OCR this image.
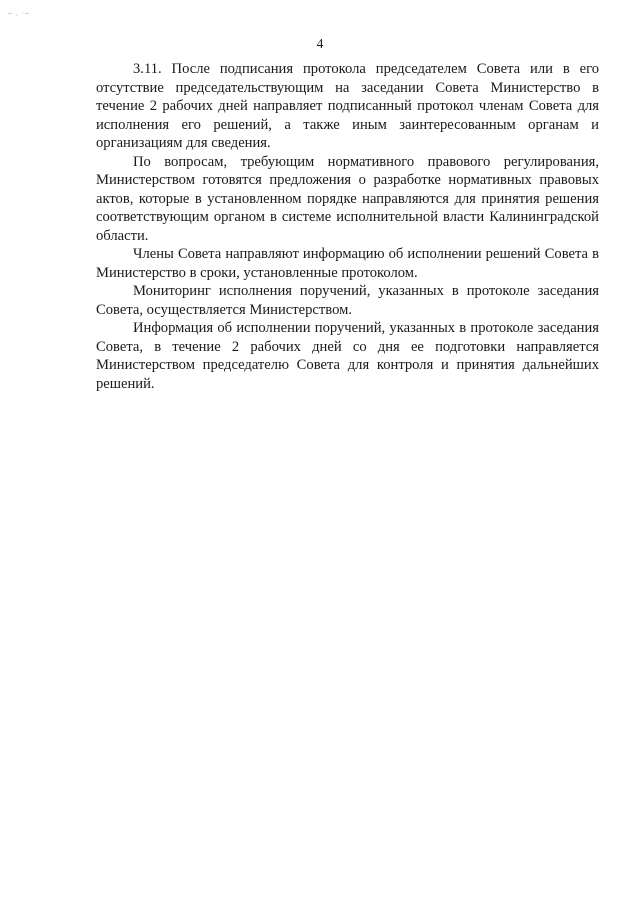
– , ·–
4

3.11. После подписания протокола председателем Совета или в его отсутствие председательствующим на заседании Совета Министерство в течение 2 рабочих дней направляет подписанный протокол членам Совета для исполнения его решений, а также иным заинтересованным органам и организациям для сведения.

По вопросам, требующим нормативного правового регулирования, Министерством готовятся предложения о разработке нормативных правовых актов, которые в установленном порядке направляются для принятия решения соответствующим органом в системе исполнительной власти Калининградской области.

Члены Совета направляют информацию об исполнении решений Совета в Министерство в сроки, установленные протоколом.

Мониторинг исполнения поручений, указанных в протоколе заседания Совета, осуществляется Министерством.

Информация об исполнении поручений, указанных в протоколе заседания Совета, в течение 2 рабочих дней со дня ее подготовки направляется Министерством председателю Совета для контроля и принятия дальнейших решений.
